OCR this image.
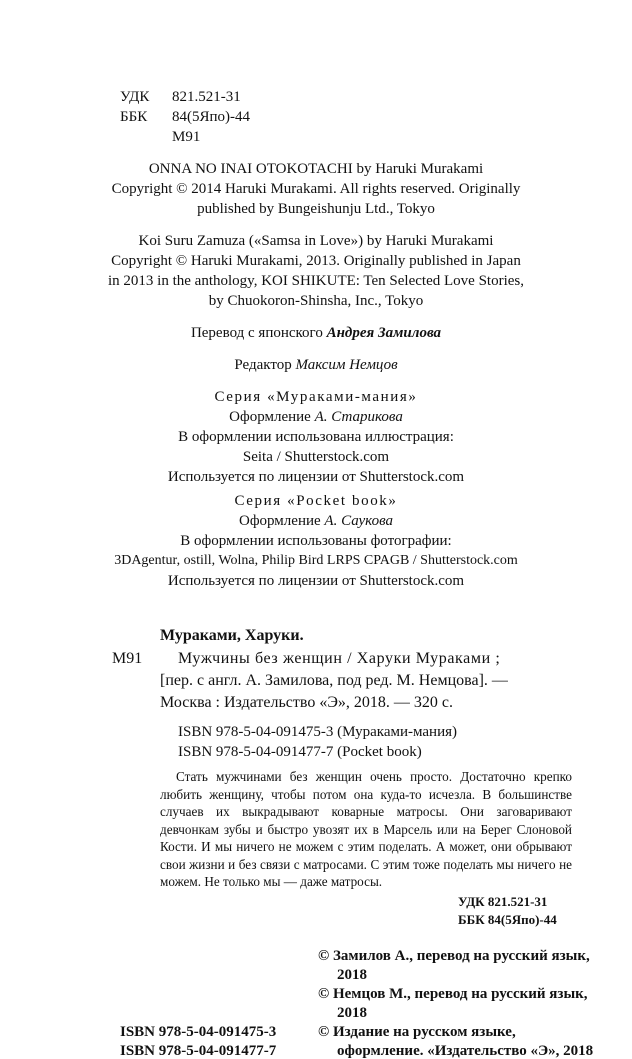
УДК 821.521-31
ББК 84(5Япо)-44
М91
ONNA NO INAI OTOKOTACHI by Haruki Murakami
Copyright © 2014 Haruki Murakami. All rights reserved. Originally
published by Bungeishunju Ltd., Tokyo
Koi Suru Zamuza («Samsa in Love») by Haruki Murakami
Copyright © Haruki Murakami, 2013. Originally published in Japan
in 2013 in the anthology, KOI SHIKUTE: Ten Selected Love Stories,
by Chuokoron-Shinsha, Inc., Tokyo
Перевод с японского Андрея Замилова
Редактор Максим Немцов
Серия «Мураками-мания»
Оформление А. Старикова
В оформлении использована иллюстрация:
Seita / Shutterstock.com
Используется по лицензии от Shutterstock.com
Серия «Pocket book»
Оформление А. Саукова
В оформлении использованы фотографии:
3DAgentur, ostill, Wolna, Philip Bird LRPS CPAGB / Shutterstock.com
Используется по лицензии от Shutterstock.com
Мураками, Харуки.
М91 Мужчины без женщин / Харуки Мураками ;
[пер. с англ. А. Замилова, под ред. М. Немцова]. —
Москва : Издательство «Э», 2018. — 320 с.
ISBN 978-5-04-091475-3 (Мураками-мания)
ISBN 978-5-04-091477-7 (Pocket book)

Стать мужчинами без женщин очень просто. Достаточно крепко любить женщину, чтобы потом она куда-то исчезла. В большинстве случаев их выкрадывают коварные матросы. Они заговаривают девчонкам зубы и быстро увозят их в Марсель или на Берег Слоновой Кости. И мы ничего не можем с этим поделать. А может, они обрывают свои жизни и без связи с матросами. С этим тоже поделать мы ничего не можем. Не только мы — даже матросы.

УДК 821.521-31
ББК 84(5Япо)-44
ISBN 978-5-04-091475-3
ISBN 978-5-04-091477-7
© Замилов А., перевод на русский язык,
2018
© Немцов М., перевод на русский язык,
2018
© Издание на русском языке,
оформление. «Издательство «Э», 2018
